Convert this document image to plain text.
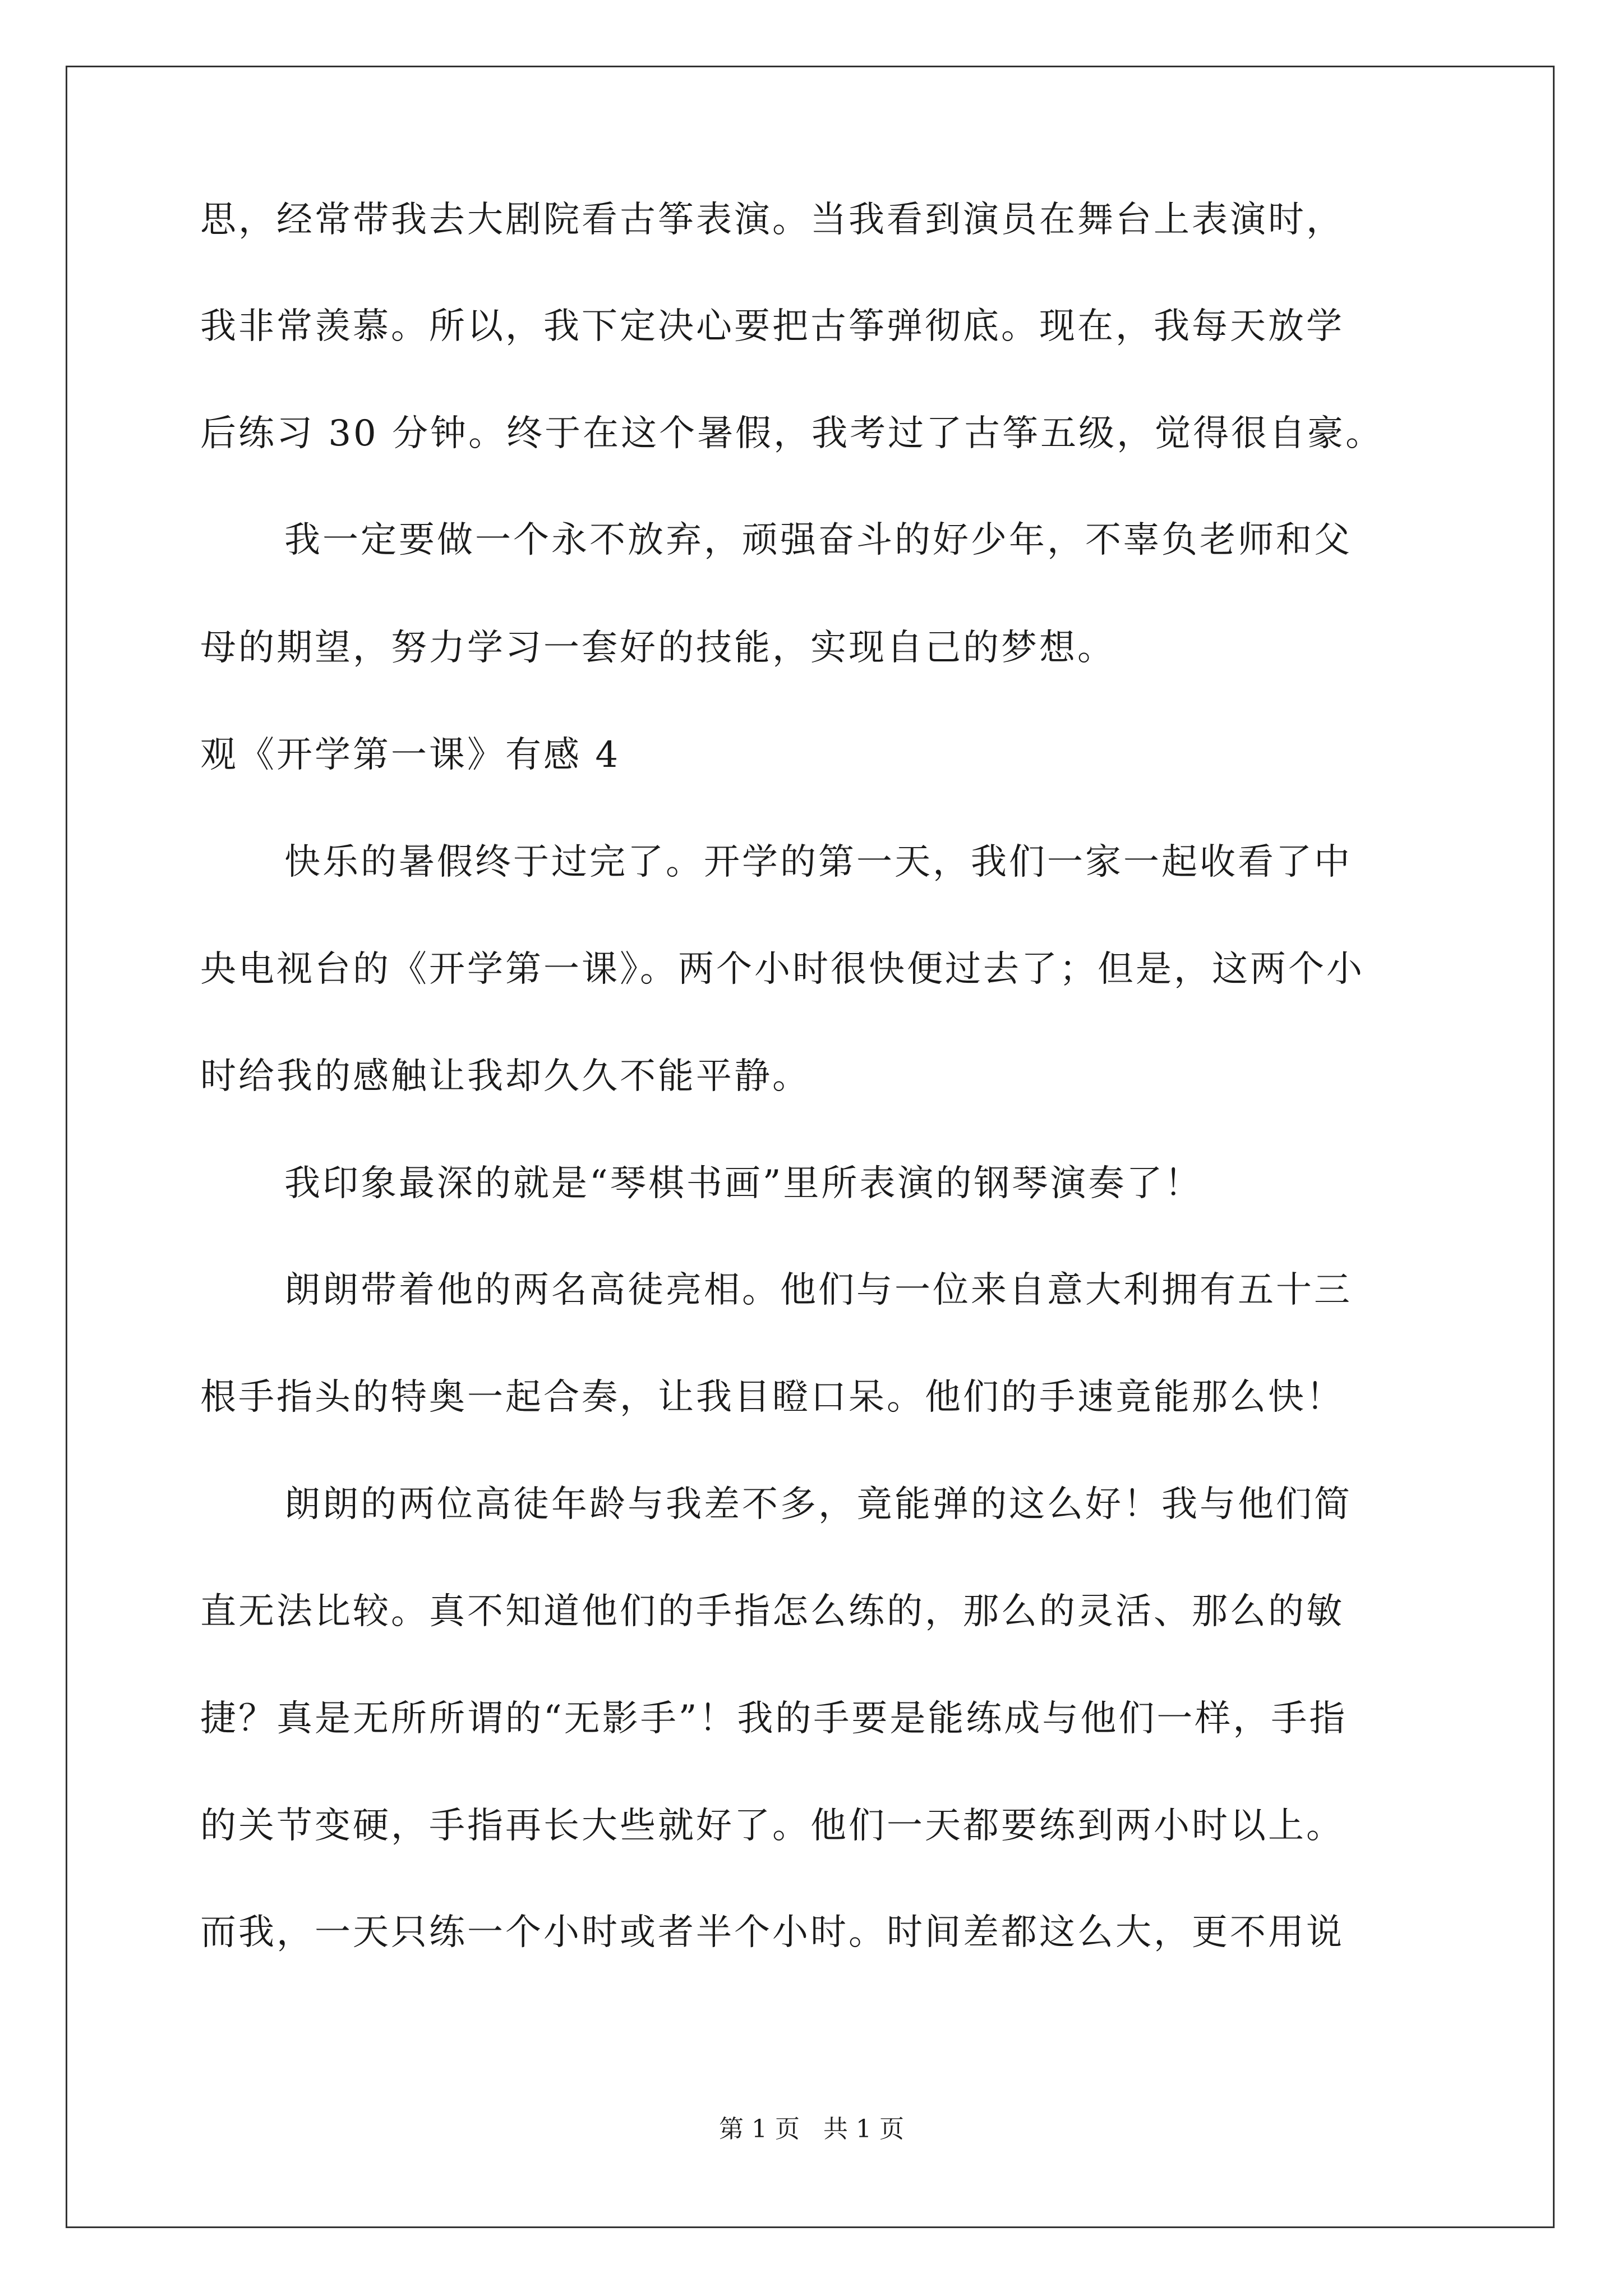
思，经常带我去大剧院看古筝表演。当我看到演员在舞台上表演时，
我非常羡慕。所以，我下定决心要把古筝弹彻底。现在，我每天放学
后练习 30 分钟。终于在这个暑假，我考过了古筝五级，觉得很自豪。
我一定要做一个永不放弃，顽强奋斗的好少年，不辜负老师和父
母的期望，努力学习一套好的技能，实现自己的梦想。
观《开学第一课》有感 4
快乐的暑假终于过完了。开学的第一天，我们一家一起收看了中
央电视台的《开学第一课》。两个小时很快便过去了；但是，这两个小
时给我的感触让我却久久不能平静。
我印象最深的就是“琴棋书画”里所表演的钢琴演奏了！
朗朗带着他的两名高徒亮相。他们与一位来自意大利拥有五十三
根手指头的特奥一起合奏，让我目瞪口呆。他们的手速竟能那么快！
朗朗的两位高徒年龄与我差不多，竟能弹的这么好！我与他们简
直无法比较。真不知道他们的手指怎么练的，那么的灵活、那么的敏
捷？真是无所所谓的“无影手”！我的手要是能练成与他们一样，手指
的关节变硬，手指再长大些就好了。他们一天都要练到两小时以上。
而我，一天只练一个小时或者半个小时。时间差都这么大，更不用说
第 1 页   共 1 页
